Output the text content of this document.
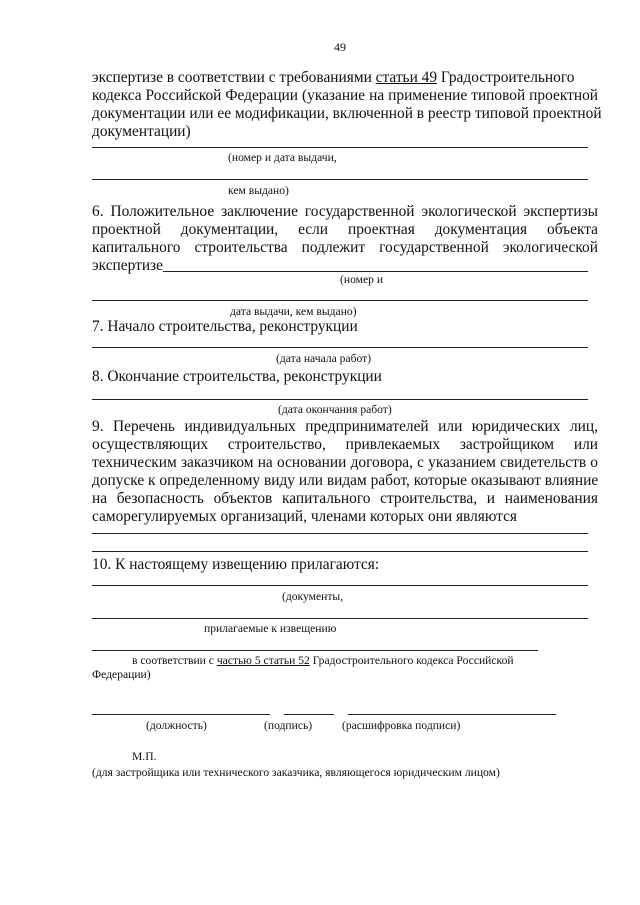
49
экспертизе в соответствии с требованиями статьи 49 Градостроительного
кодекса Российской Федерации (указание на применение типовой проектной
документации или ее модификации, включенной в реестр типовой проектной
документации)
(номер и дата выдачи,
кем выдано)
6. Положительное заключение государственной экологической экспертизы
проектной документации, если проектная документация объекта
капитального строительства подлежит государственной экологической
экспертизе
(номер и
дата выдачи, кем выдано)
7. Начало строительства, реконструкции
(дата начала работ)
8. Окончание строительства, реконструкции
(дата окончания работ)
9. Перечень индивидуальных предпринимателей или юридических лиц,
осуществляющих строительство, привлекаемых застройщиком или
техническим заказчиком на основании договора, с указанием свидетельств о
допуске к определенному виду или видам работ, которые оказывают влияние
на безопасность объектов капитального строительства, и наименования
саморегулируемых организаций, членами которых они являются
10. К настоящему извещению прилагаются:
(документы,
прилагаемые к извещению
в соответствии с частью 5 статьи 52 Градостроительного кодекса Российской
Федерации)
(должность)	(подпись)	(расшифровка подписи)
М.П.
(для застройщика или технического заказчика, являющегося юридическим лицом)
